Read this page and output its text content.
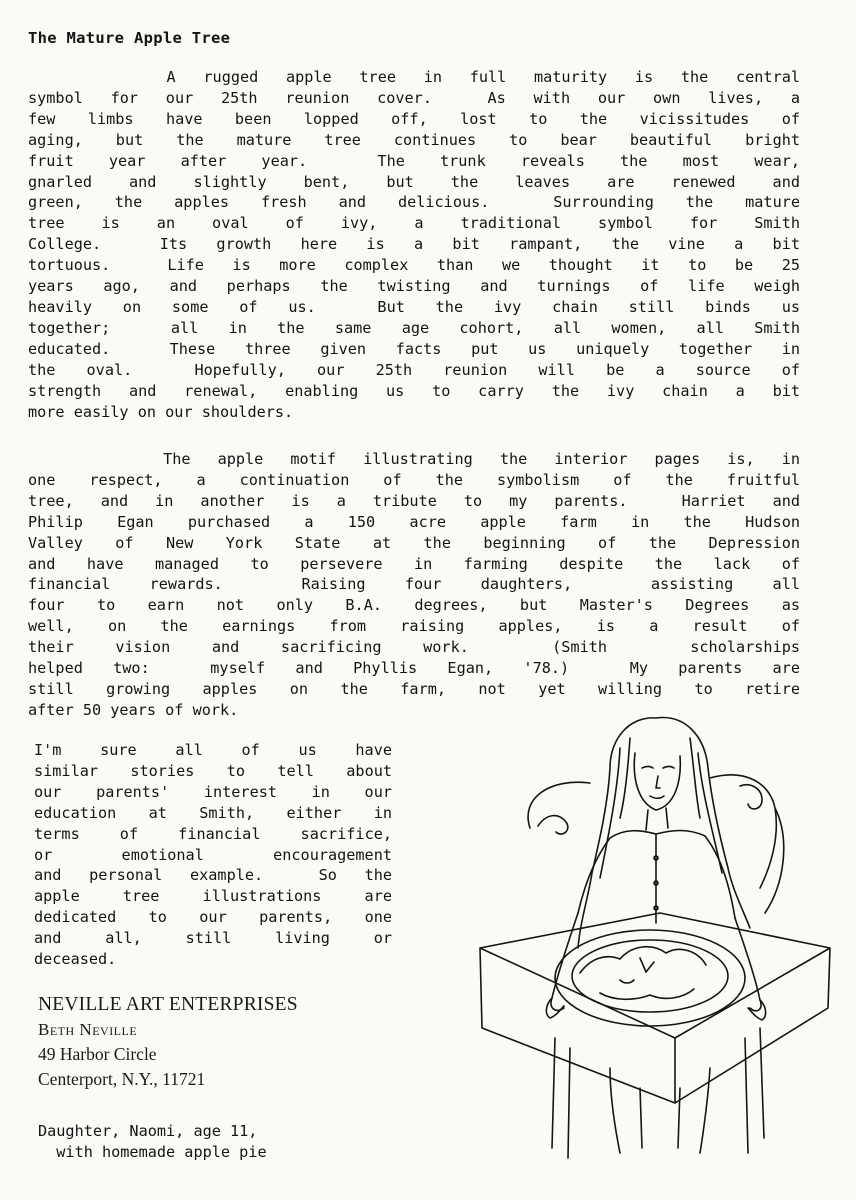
The Mature Apple Tree

A rugged apple tree in full maturity is the central
symbol for our 25th reunion cover.  As with our own lives, a
few limbs have been lopped off, lost to the vicissitudes of
aging, but the mature tree continues to bear beautiful bright
fruit year after year.  The trunk reveals the most wear,
gnarled and slightly bent, but the leaves are renewed and
green, the apples fresh and delicious.  Surrounding the mature
tree is an oval of ivy, a traditional symbol for Smith
College.  Its growth here is a bit rampant, the vine a bit
tortuous.  Life is more complex than we thought it to be 25
years ago, and perhaps the twisting and turnings of life weigh
heavily on some of us.  But the ivy chain still binds us
together;  all in the same age cohort, all women, all Smith
educated.  These three given facts put us uniquely together in
the oval.  Hopefully, our 25th reunion will be a source of
strength and renewal, enabling us to carry the ivy chain a bit
more easily on our shoulders.

The apple motif illustrating the interior pages is, in
one respect, a continuation of the symbolism of the fruitful
tree, and in another is a tribute to my parents.  Harriet and
Philip Egan purchased a 150 acre apple farm in the Hudson
Valley of New York State at the beginning of the Depression
and have managed to persevere in farming despite the lack of
financial rewards.  Raising four daughters,  assisting all
four to earn not only B.A. degrees, but Master's Degrees as
well, on the earnings from raising apples, is a result of
their vision and sacrificing work.  (Smith  scholarships
helped two:  myself and Phyllis Egan, '78.)  My parents are
still growing apples on the farm, not yet willing to retire
after 50 years of work.

I'm sure all of us have
similar stories to tell about
our parents' interest in our
education at Smith, either in
terms of financial sacrifice,
or emotional encouragement
and personal example.  So the
apple tree illustrations are
dedicated to our parents, one
and all, still living or
deceased.

NEVILLE ART ENTERPRISES
Beth Neville
49 Harbor Circle
Centerport, N.Y., 11721

Daughter, Naomi, age 11,
with homemade apple pie
